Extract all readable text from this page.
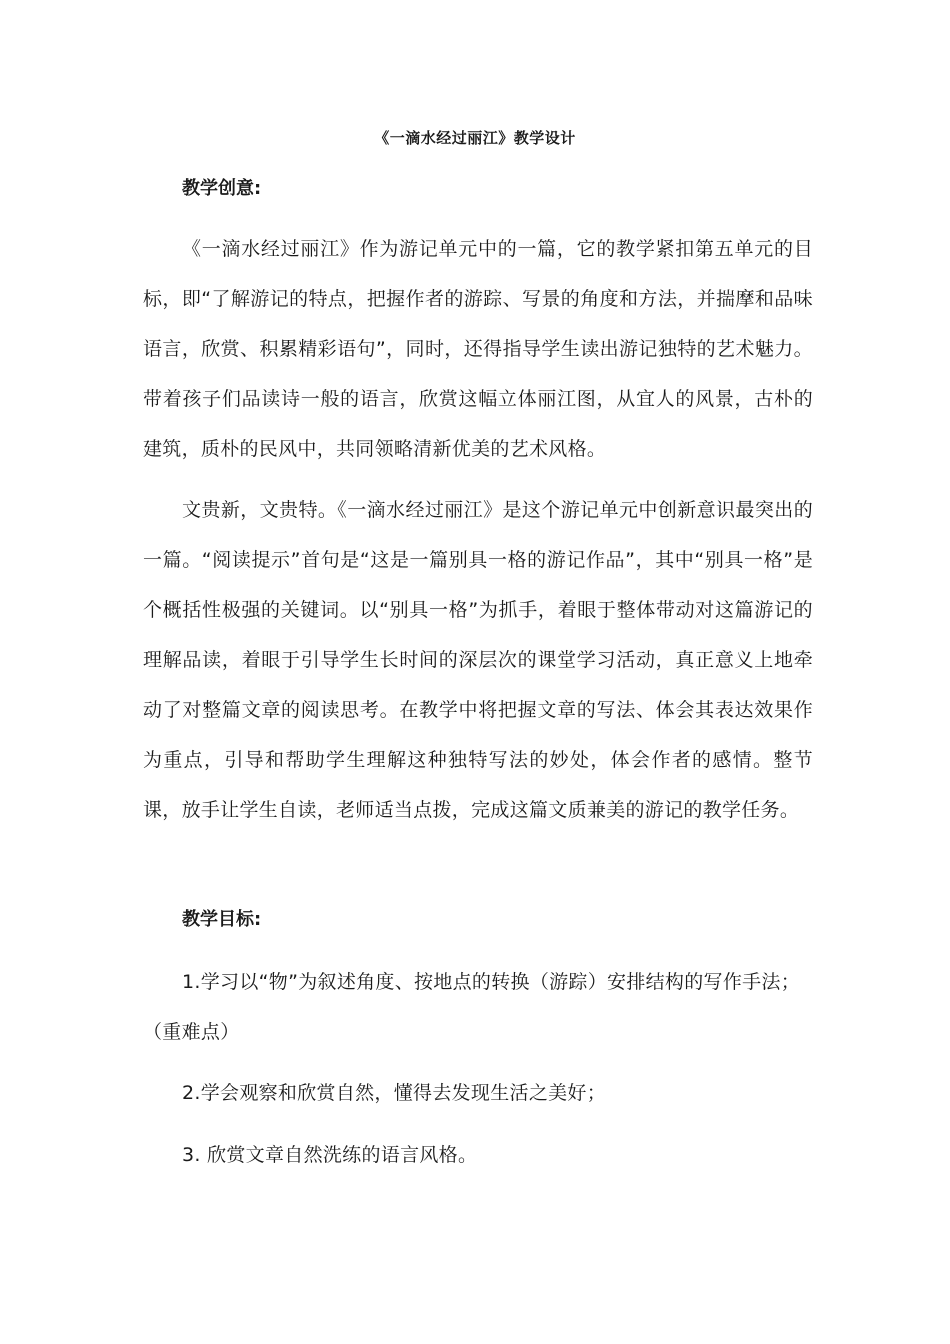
《一滴水经过丽江》教学设计
教学创意:

《一滴水经过丽江》作为游记单元中的一篇，它的教学紧扣第五单元的目标，即“了解游记的特点，把握作者的游踪、写景的角度和方法，并揣摩和品味语言，欣赏、积累精彩语句”，同时，还得指导学生读出游记独特的艺术魅力。带着孩子们品读诗一般的语言，欣赏这幅立体丽江图，从宜人的风景，古朴的建筑，质朴的民风中，共同领略清新优美的艺术风格。

文贵新，文贵特。《一滴水经过丽江》是这个游记单元中创新意识最突出的一篇。“阅读提示”首句是“这是一篇别具一格的游记作品”，其中“别具一格”是个概括性极强的关键词。以“别具一格”为抓手，着眼于整体带动对这篇游记的理解品读，着眼于引导学生长时间的深层次的课堂学习活动，真正意义上地牵动了对整篇文章的阅读思考。在教学中将把握文章的写法、体会其表达效果作为重点，引导和帮助学生理解这种独特写法的妙处，体会作者的感情。整节课，放手让学生自读，老师适当点拨，完成这篇文质兼美的游记的教学任务。

教学目标:

1.学习以“物”为叙述角度、按地点的转换（游踪）安排结构的写作手法；（重难点）

2.学会观察和欣赏自然，懂得去发现生活之美好；

3. 欣赏文章自然洗练的语言风格。
